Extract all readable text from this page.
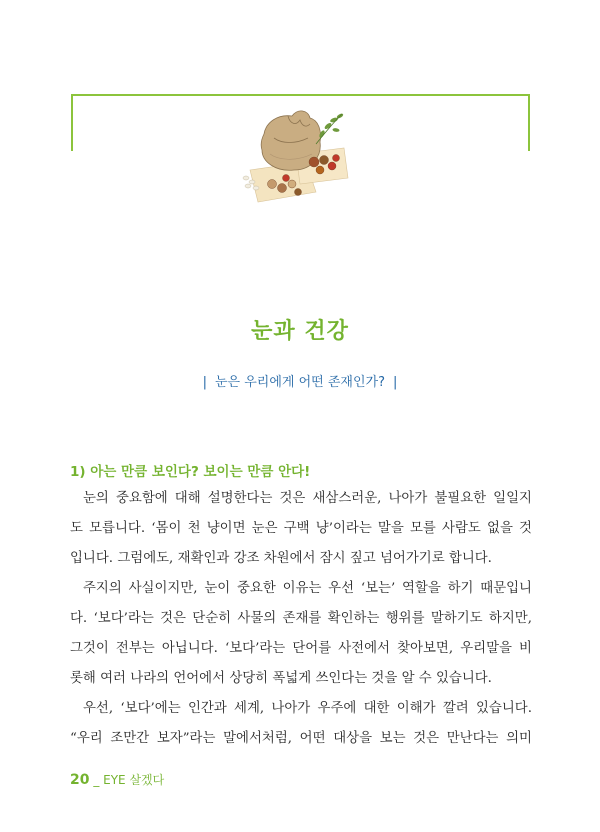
눈과 건강
| 눈은 우리에게 어떤 존재인가? |
1) 아는 만큼 보인다? 보이는 만큼 안다!
눈의 중요함에 대해 설명한다는 것은 새삼스러운, 나아가 불필요한 일일지
도 모릅니다. ‘몸이 천 냥이면 눈은 구백 냥’이라는 말을 모를 사람도 없을 것
입니다. 그럼에도, 재확인과 강조 차원에서 잠시 짚고 넘어가기로 합니다.
주지의 사실이지만, 눈이 중요한 이유는 우선 ‘보는’ 역할을 하기 때문입니
다. ‘보다’라는 것은 단순히 사물의 존재를 확인하는 행위를 말하기도 하지만,
그것이 전부는 아닙니다. ‘보다’라는 단어를 사전에서 찾아보면, 우리말을 비
롯해 여러 나라의 언어에서 상당히 폭넓게 쓰인다는 것을 알 수 있습니다.
우선, ‘보다’에는 인간과 세계, 나아가 우주에 대한 이해가 깔려 있습니다.
“우리 조만간 보자”라는 말에서처럼, 어떤 대상을 보는 것은 만난다는 의미
20 _ EYE 살겠다
